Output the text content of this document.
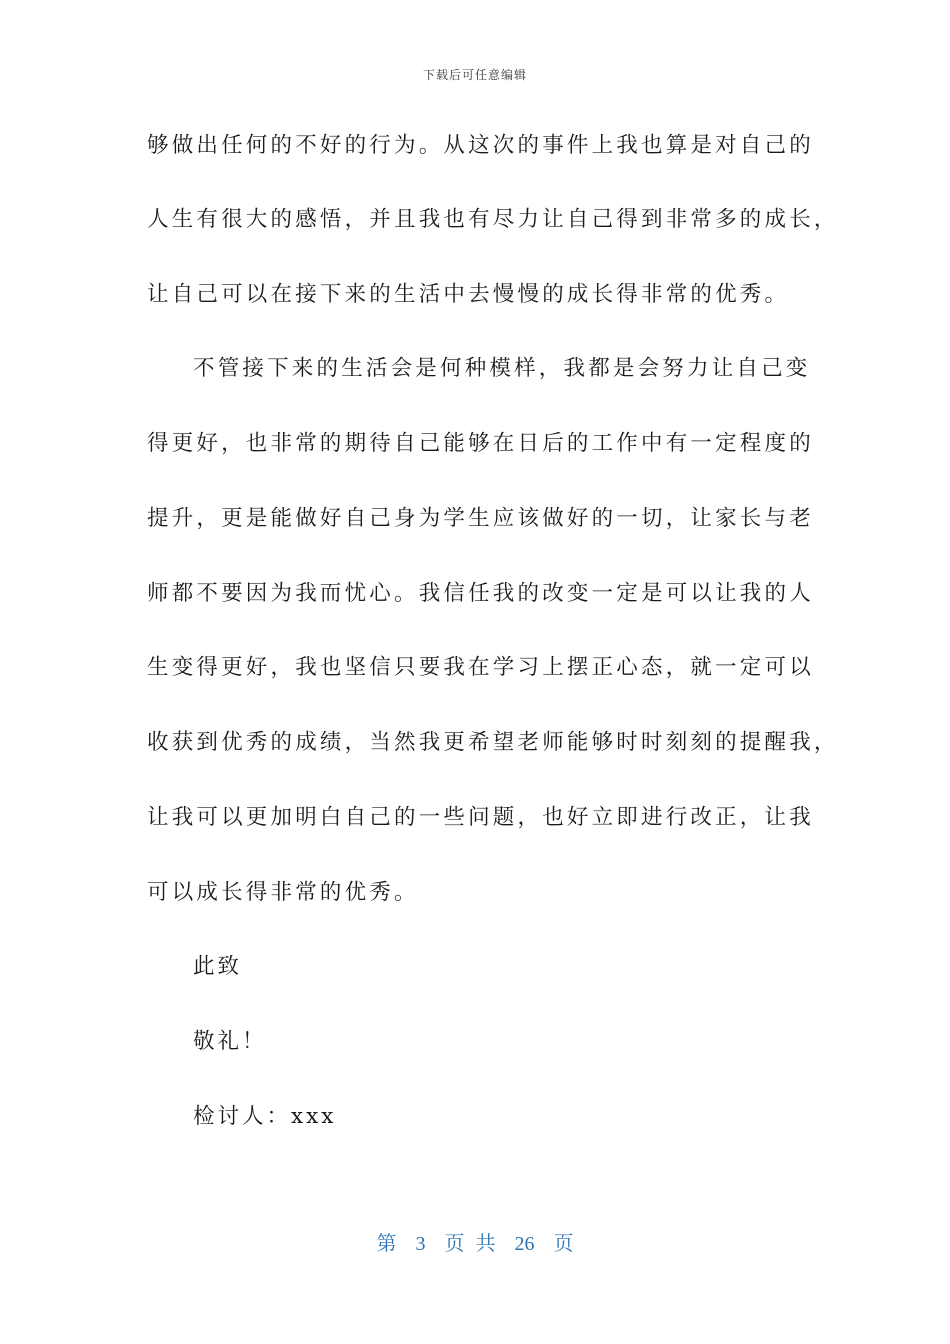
下载后可任意编辑
够做出任何的不好的行为。从这次的事件上我也算是对自己的
人生有很大的感悟，并且我也有尽力让自己得到非常多的成长，
让自己可以在接下来的生活中去慢慢的成长得非常的优秀。
不管接下来的生活会是何种模样，我都是会努力让自己变
得更好，也非常的期待自己能够在日后的工作中有一定程度的
提升，更是能做好自己身为学生应该做好的一切，让家长与老
师都不要因为我而忧心。我信任我的改变一定是可以让我的人
生变得更好，我也坚信只要我在学习上摆正心态，就一定可以
收获到优秀的成绩，当然我更希望老师能够时时刻刻的提醒我，
让我可以更加明白自己的一些问题，也好立即进行改正，让我
可以成长得非常的优秀。
此致
敬礼！
检讨人：xxx
第 3 页 共 26 页
